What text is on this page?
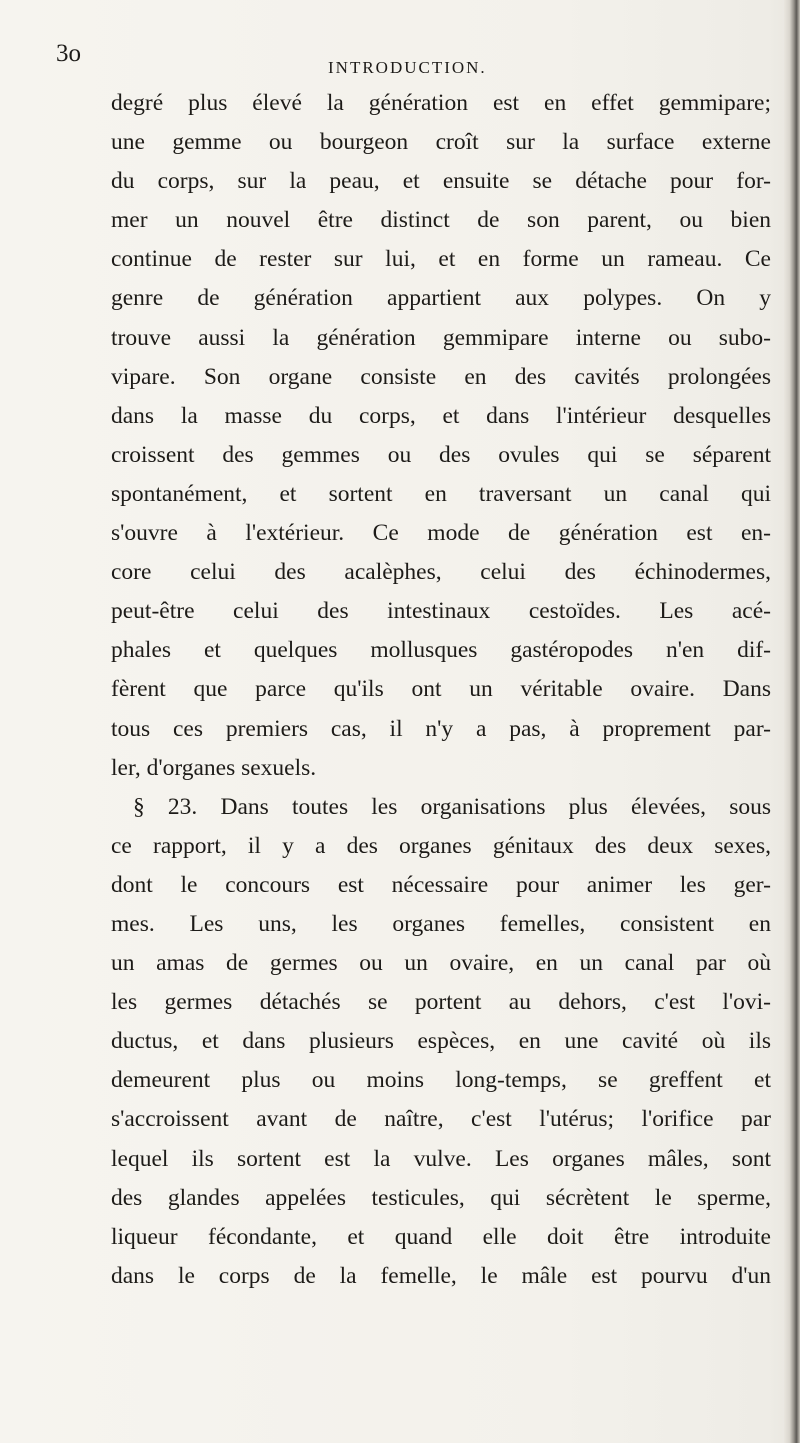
3o
INTRODUCTION.
degré plus élevé la génération est en effet gemmipare;
une gemme ou bourgeon croît sur la surface externe
du corps, sur la peau, et ensuite se détache pour for-
mer un nouvel être distinct de son parent, ou bien
continue de rester sur lui, et en forme un rameau. Ce
genre de génération appartient aux polypes. On y
trouve aussi la génération gemmipare interne ou subo-
vipare. Son organe consiste en des cavités prolongées
dans la masse du corps, et dans l'intérieur desquelles
croissent des gemmes ou des ovules qui se séparent
spontanément, et sortent en traversant un canal qui
s'ouvre à l'extérieur. Ce mode de génération est en-
core celui des acalèphes, celui des échinodermes,
peut-être celui des intestinaux cestoïdes. Les acé-
phales et quelques mollusques gastéropodes n'en dif-
fèrent que parce qu'ils ont un véritable ovaire. Dans
tous ces premiers cas, il n'y a pas, à proprement par-
ler, d'organes sexuels.
§ 23. Dans toutes les organisations plus élevées, sous
ce rapport, il y a des organes génitaux des deux sexes,
dont le concours est nécessaire pour animer les ger-
mes. Les uns, les organes femelles, consistent en
un amas de germes ou un ovaire, en un canal par où
les germes détachés se portent au dehors, c'est l'ovi-
ductus, et dans plusieurs espèces, en une cavité où ils
demeurent plus ou moins long-temps, se greffent et
s'accroissent avant de naître, c'est l'utérus; l'orifice par
lequel ils sortent est la vulve. Les organes mâles, sont
des glandes appelées testicules, qui sécrètent le sperme,
liqueur fécondante, et quand elle doit être introduite
dans le corps de la femelle, le mâle est pourvu d'un
